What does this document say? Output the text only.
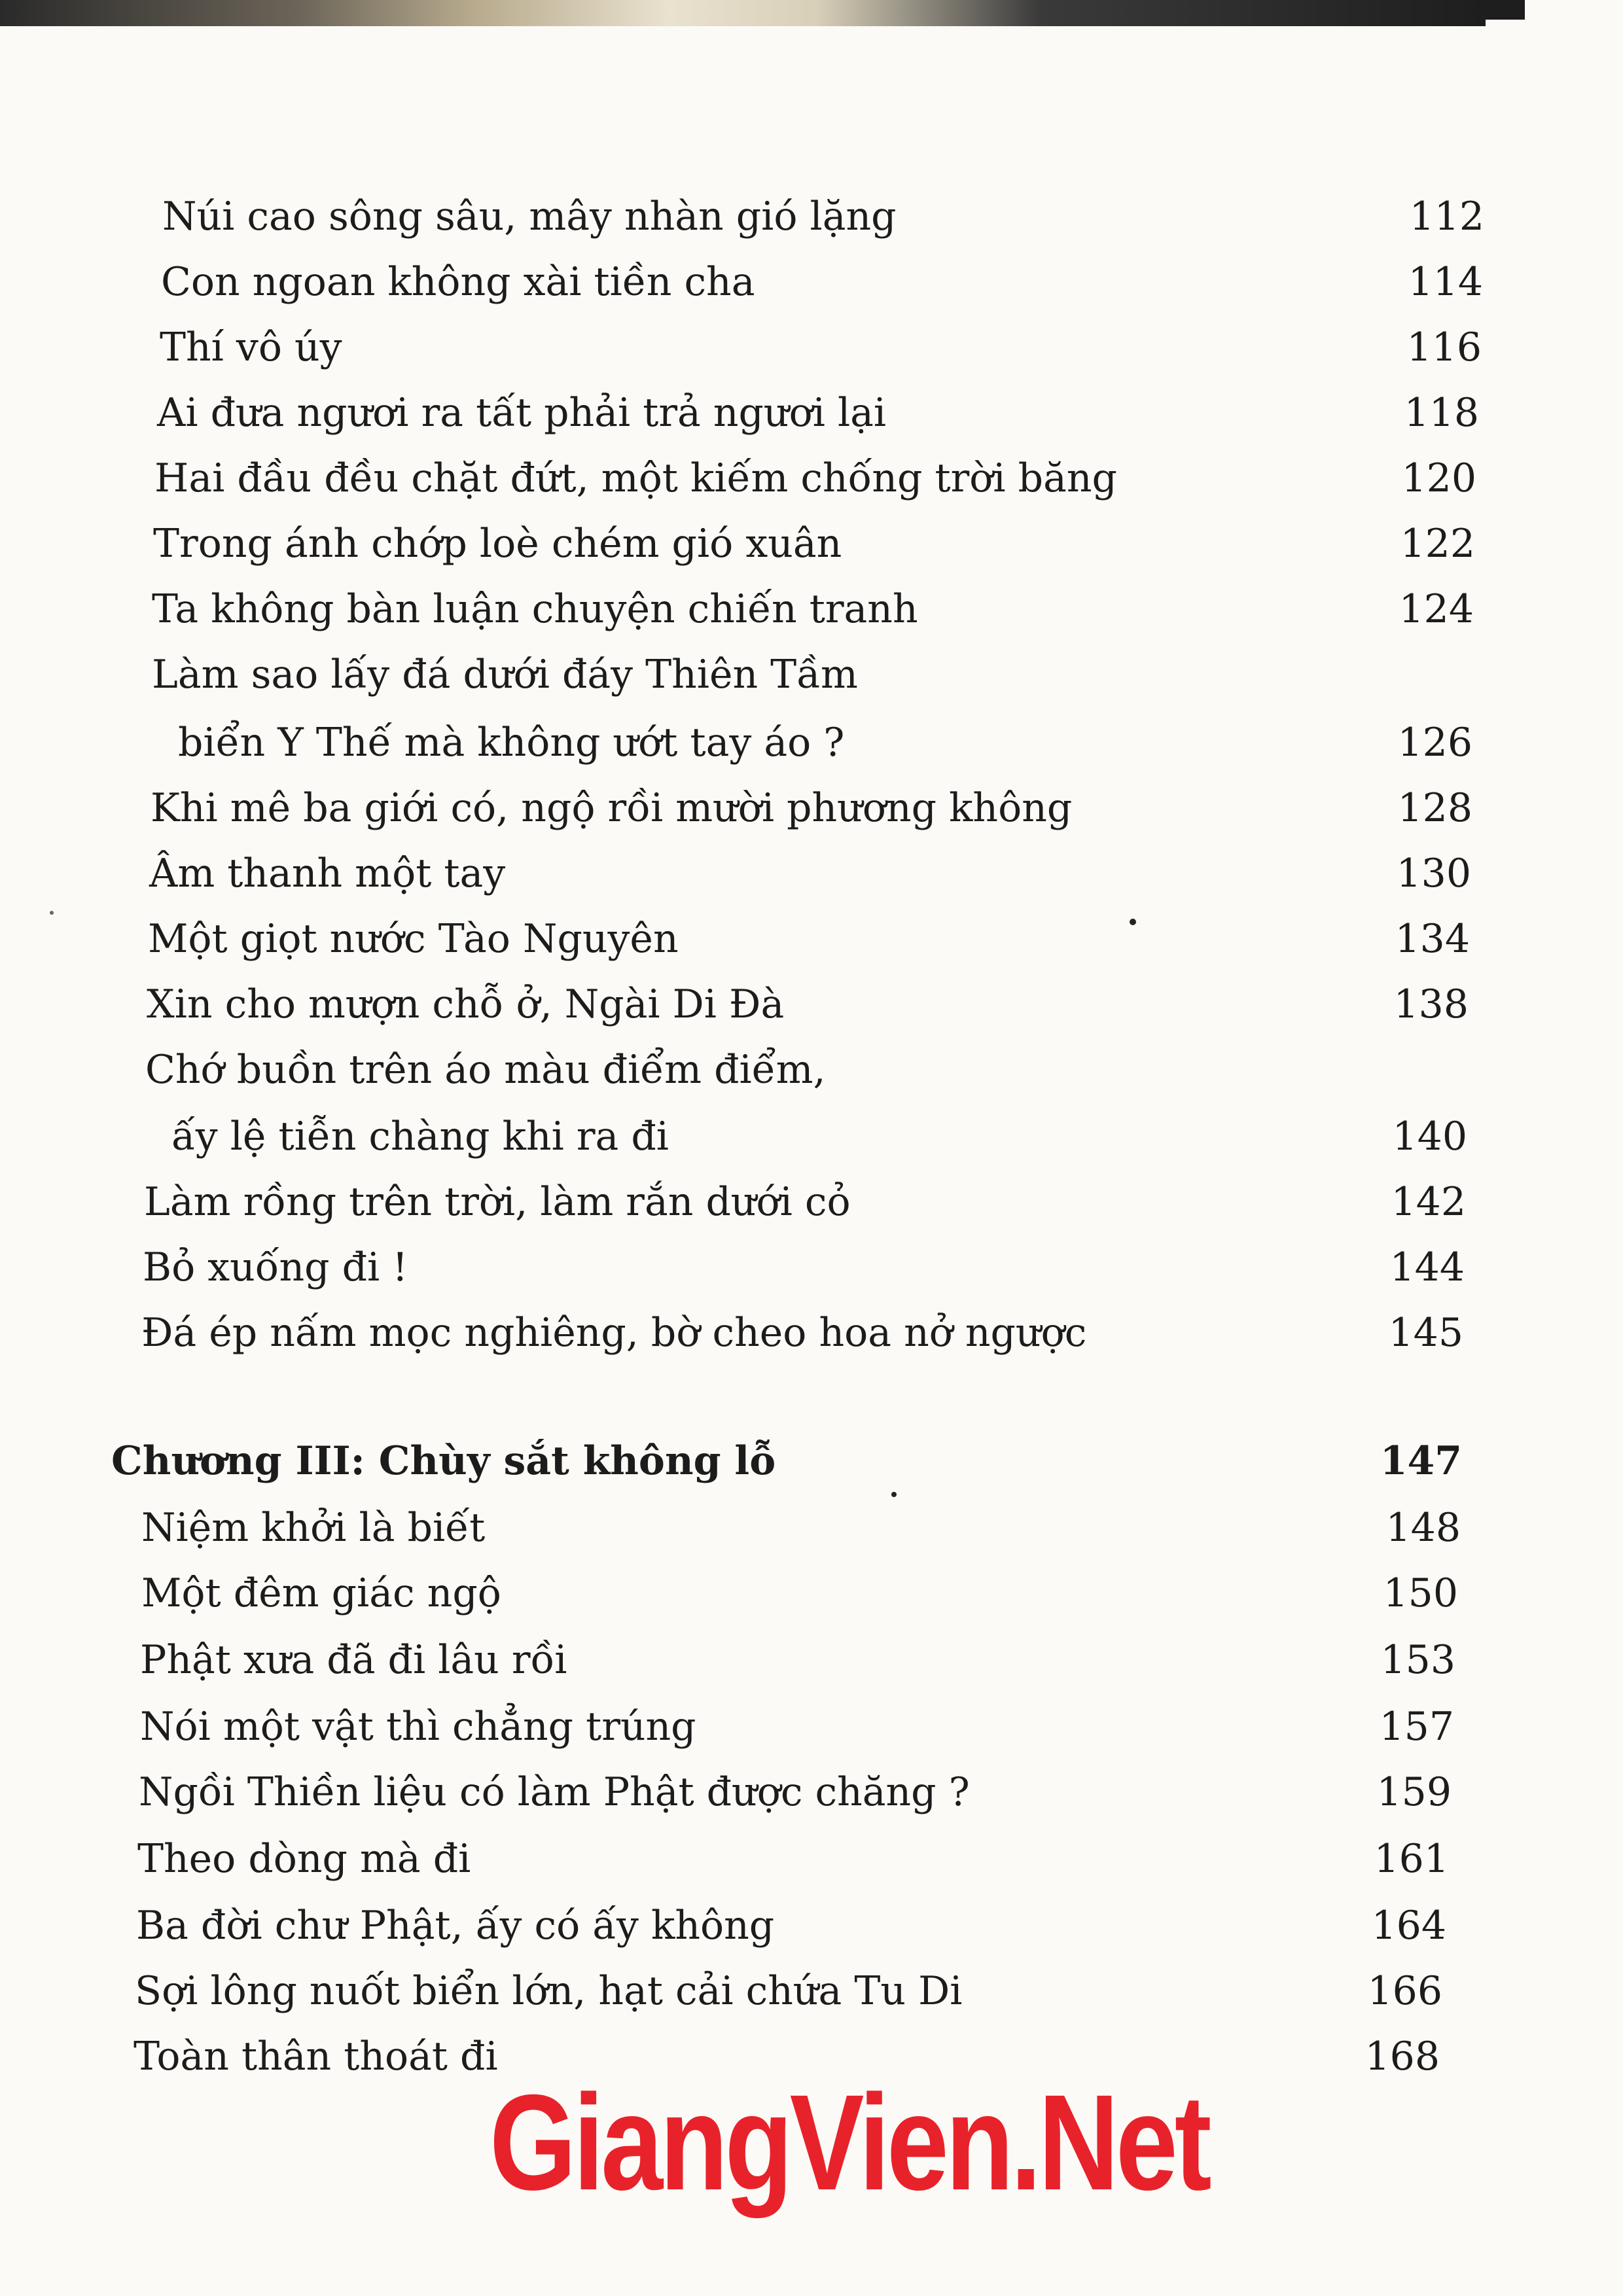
Núi cao sông sâu, mây nhàn gió lặng	112
Con ngoan không xài tiền cha	114
Thí vô úy	116
Ai đưa ngươi ra tất phải trả ngươi lại	118
Hai đầu đều chặt đứt, một kiếm chống trời băng	120
Trong ánh chớp loè chém gió xuân	122
Ta không bàn luận chuyện chiến tranh	124
Làm sao lấy đá dưới đáy Thiên Tầm
biển Y Thế mà không ướt tay áo ?	126
Khi mê ba giới có, ngộ rồi mười phương không	128
Âm thanh một tay	130
Một giọt nước Tào Nguyên	134
Xin cho mượn chỗ ở, Ngài Di Đà	138
Chớ buồn trên áo màu điểm điểm,
ấy lệ tiễn chàng khi ra đi	140
Làm rồng trên trời, làm rắn dưới cỏ	142
Bỏ xuống đi !	144
Đá ép nấm mọc nghiêng, bờ cheo hoa nở ngược	145
Chương III: Chùy sắt không lỗ	147
Niệm khởi là biết	148
Một đêm giác ngộ	150
Phật xưa đã đi lâu rồi	153
Nói một vật thì chẳng trúng	157
Ngồi Thiền liệu có làm Phật được chăng ?	159
Theo dòng mà đi	161
Ba đời chư Phật, ấy có ấy không	164
Sợi lông nuốt biển lớn, hạt cải chứa Tu Di	166
Toàn thân thoát đi	168
GiangVien.Net
